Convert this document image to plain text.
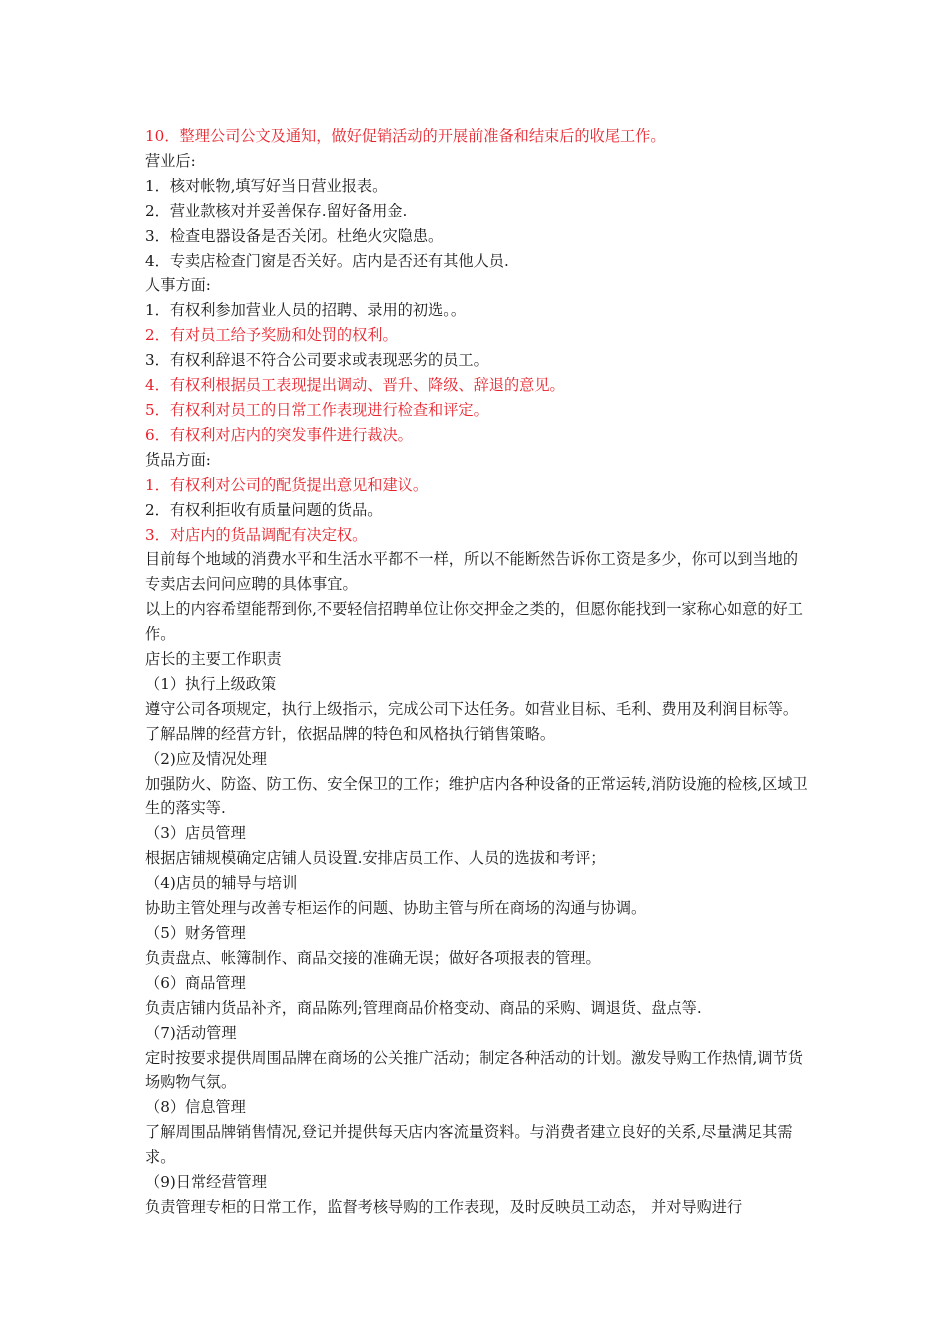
10．整理公司公文及通知，做好促销活动的开展前准备和结束后的收尾工作。

营业后:

1．核对帐物,填写好当日营业报表。

2．营业款核对并妥善保存.留好备用金.

3．检查电器设备是否关闭。杜绝火灾隐患。

4．专卖店检查门窗是否关好。店内是否还有其他人员.

人事方面:

1．有权利参加营业人员的招聘、录用的初选。。

2．有对员工给予奖励和处罚的权利。

3．有权利辞退不符合公司要求或表现恶劣的员工。

4．有权利根据员工表现提出调动、晋升、降级、辞退的意见。

5．有权利对员工的日常工作表现进行检查和评定。

6．有权利对店内的突发事件进行裁决。

货品方面:

1．有权利对公司的配货提出意见和建议。

2．有权利拒收有质量问题的货品。

3．对店内的货品调配有决定权。

目前每个地域的消费水平和生活水平都不一样，所以不能断然告诉你工资是多少，你可以到当地的专卖店去问问应聘的具体事宜。

以上的内容希望能帮到你,不要轻信招聘单位让你交押金之类的，但愿你能找到一家称心如意的好工作。

店长的主要工作职责

（1）执行上级政策

遵守公司各项规定，执行上级指示，完成公司下达任务。如营业目标、毛利、费用及利润目标等。了解品牌的经营方针，依据品牌的特色和风格执行销售策略。

（2)应及情况处理

加强防火、防盗、防工伤、安全保卫的工作；维护店内各种设备的正常运转,消防设施的检核,区域卫生的落实等.

（3）店员管理

根据店铺规模确定店铺人员设置.安排店员工作、人员的选拔和考评；

（4)店员的辅导与培训

协助主管处理与改善专柜运作的问题、协助主管与所在商场的沟通与协调。

（5）财务管理

负责盘点、帐簿制作、商品交接的准确无误；做好各项报表的管理。

（6）商品管理

负责店铺内货品补齐，商品陈列;管理商品价格变动、商品的采购、调退货、盘点等.

（7)活动管理

定时按要求提供周围品牌在商场的公关推广活动；制定各种活动的计划。激发导购工作热情,调节货场购物气氛。

（8）信息管理

了解周围品牌销售情况,登记并提供每天店内客流量资料。与消费者建立良好的关系,尽量满足其需求。

（9)日常经营管理

负责管理专柜的日常工作，监督考核导购的工作表现，及时反映员工动态， 并对导购进行
